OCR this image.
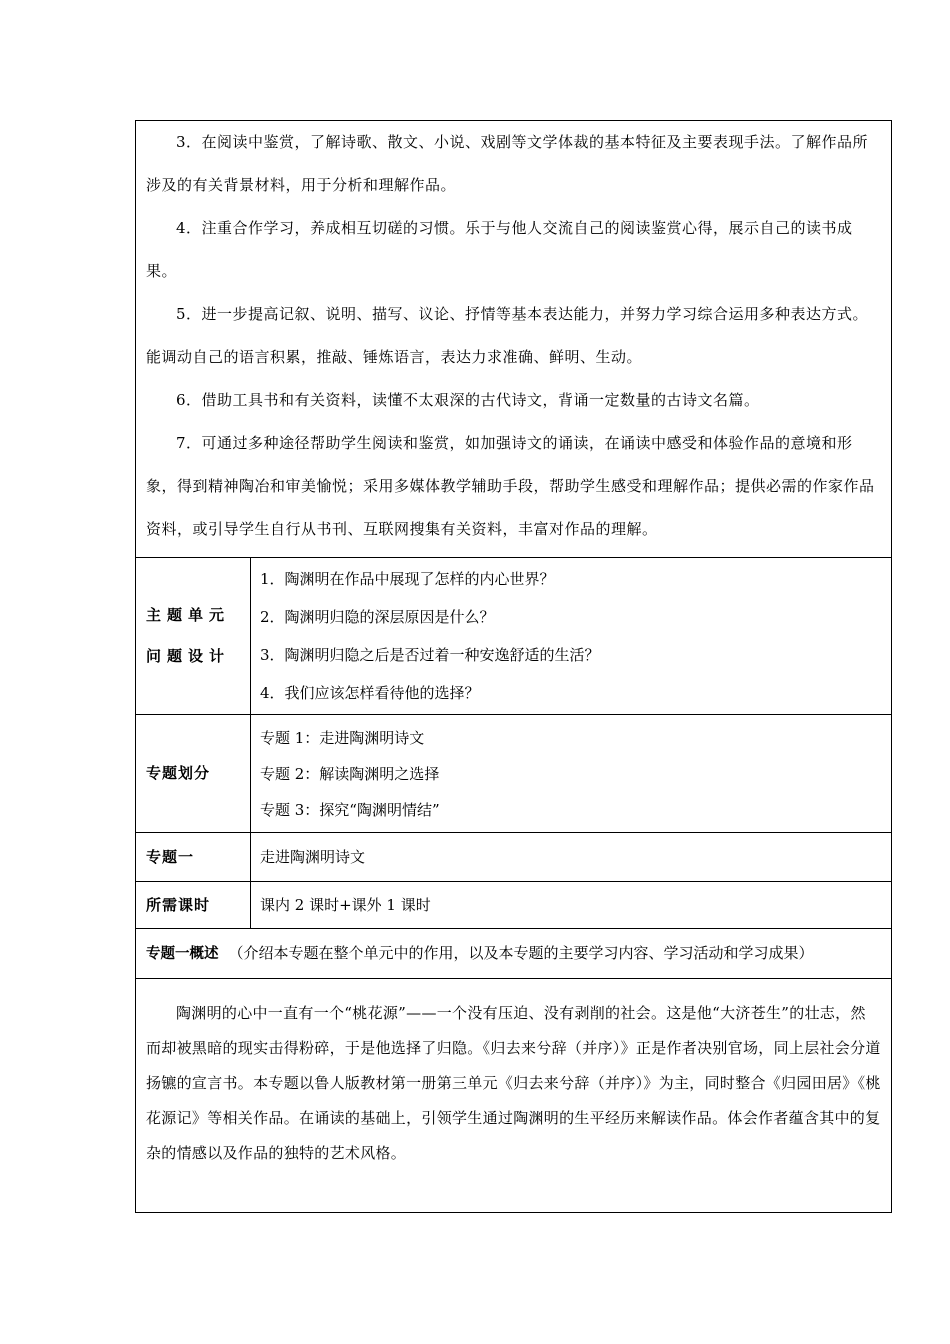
3．在阅读中鉴赏，了解诗歌、散文、小说、戏剧等文学体裁的基本特征及主要表现手法。了解作品所涉及的有关背景材料，用于分析和理解作品。

4．注重合作学习，养成相互切磋的习惯。乐于与他人交流自己的阅读鉴赏心得，展示自己的读书成果。

5．进一步提高记叙、说明、描写、议论、抒情等基本表达能力，并努力学习综合运用多种表达方式。能调动自己的语言积累，推敲、锤炼语言，表达力求准确、鲜明、生动。

6．借助工具书和有关资料，读懂不太艰深的古代诗文，背诵一定数量的古诗文名篇。

7．可通过多种途径帮助学生阅读和鉴赏，如加强诗文的诵读，在诵读中感受和体验作品的意境和形象，得到精神陶冶和审美愉悦；采用多媒体教学辅助手段，帮助学生感受和理解作品；提供必需的作家作品资料，或引导学生自行从书刊、互联网搜集有关资料，丰富对作品的理解。	

主题单元问题设计	1．陶渊明在作品中展现了怎样的内心世界？
2．陶渊明归隐的深层原因是什么？
3．陶渊明归隐之后是否过着一种安逸舒适的生活？
4．我们应该怎样看待他的选择？

专题划分	专题 1：走进陶渊明诗文
专题 2：解读陶渊明之选择
专题 3：探究“陶渊明情结”

专题一	走进陶渊明诗文
所需课时	课内 2 课时+课外 1 课时
专题一概述 （介绍本专题在整个单元中的作用，以及本专题的主要学习内容、学习活动和学习成果）	

陶渊明的心中一直有一个“桃花源”——一个没有压迫、没有剥削的社会。这是他“大济苍生”的壮志，然而却被黑暗的现实击得粉碎，于是他选择了归隐。《归去来兮辞（并序）》正是作者决别官场，同上层社会分道扬镳的宣言书。本专题以鲁人版教材第一册第三单元《归去来兮辞（并序）》为主，同时整合《归园田居》《桃花源记》等相关作品。在诵读的基础上，引领学生通过陶渊明的生平经历来解读作品。体会作者蕴含其中的复杂的情感以及作品的独特的艺术风格。	
